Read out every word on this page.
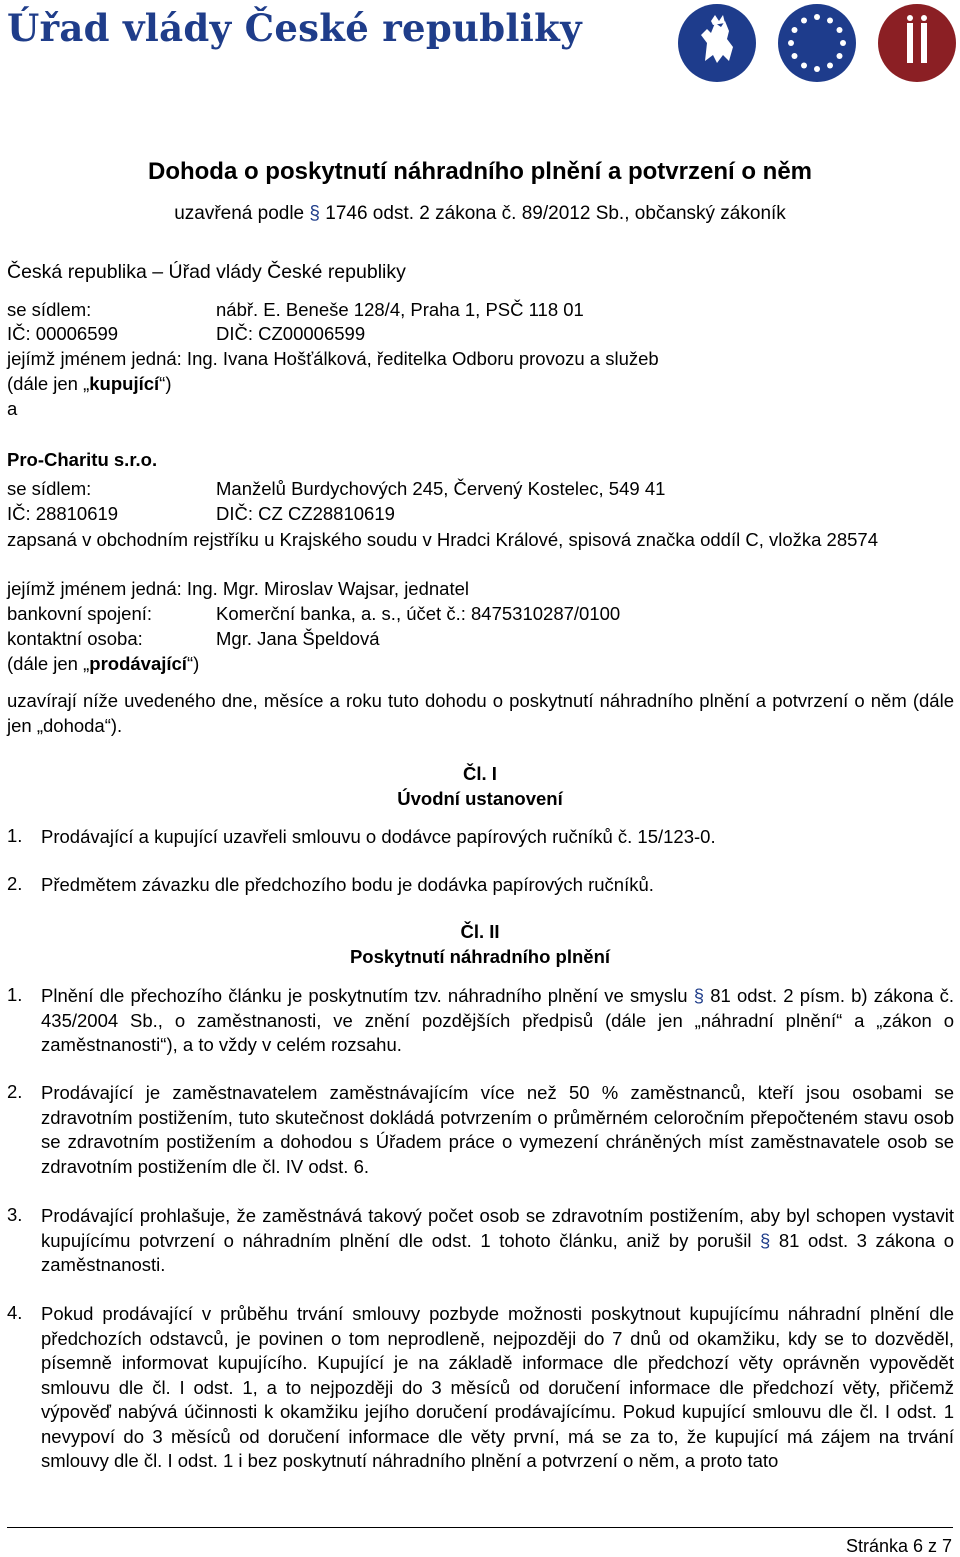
Úřad vlády České republiky
Dohoda o poskytnutí náhradního plnění a potvrzení o něm
uzavřená podle § 1746 odst. 2 zákona č. 89/2012 Sb., občanský zákoník
Česká republika – Úřad vlády České republiky
se sídlem:	nábř. E. Beneše 128/4, Praha 1, PSČ 118 01
IČ: 00006599	DIČ: CZ00006599
jejímž jménem jedná: Ing. Ivana Hošťálková, ředitelka Odboru provozu a služeb
(dále jen „kupující“)
a
Pro-Charitu s.r.o.
se sídlem:	Manželů Burdychových 245, Červený Kostelec, 549 41
IČ: 28810619	DIČ: CZ CZ28810619
zapsaná v obchodním rejstříku u Krajského soudu v Hradci Králové, spisová značka oddíl C, vložka 28574
jejímž jménem jedná: Ing. Mgr. Miroslav Wajsar, jednatel
bankovní spojení:	Komerční banka, a. s., účet č.: 8475310287/0100
kontaktní osoba:	Mgr. Jana Špeldová
(dále jen „prodávající“)
uzavírají níže uvedeného dne, měsíce a roku tuto dohodu o poskytnutí náhradního plnění a potvrzení o něm (dále jen „dohoda“).
Čl. I
Úvodní ustanovení
1. Prodávající a kupující uzavřeli smlouvu o dodávce papírových ručníků č. 15/123-0.
2. Předmětem závazku dle předchozího bodu je dodávka papírových ručníků.
Čl. II
Poskytnutí náhradního plnění
1. Plnění dle přechozího článku je poskytnutím tzv. náhradního plnění ve smyslu § 81 odst. 2 písm. b) zákona č. 435/2004 Sb., o zaměstnanosti, ve znění pozdějších předpisů (dále jen „náhradní plnění“ a „zákon o zaměstnanosti“), a to vždy v celém rozsahu.
2. Prodávající je zaměstnavatelem zaměstnávajícím více než 50 % zaměstnanců, kteří jsou osobami se zdravotním postižením, tuto skutečnost dokládá potvrzením o průměrném celoročním přepočteném stavu osob se zdravotním postižením a dohodou s Úřadem práce o vymezení chráněných míst zaměstnavatele osob se zdravotním postižením dle čl. IV odst. 6.
3. Prodávající prohlašuje, že zaměstnává takový počet osob se zdravotním postižením, aby byl schopen vystavit kupujícímu potvrzení o náhradním plnění dle odst. 1 tohoto článku, aniž by porušil § 81 odst. 3 zákona o zaměstnanosti.
4. Pokud prodávající v průběhu trvání smlouvy pozbyde možnosti poskytnout kupujícímu náhradní plnění dle předchozích odstavců, je povinen o tom neprodleně, nejpozději do 7 dnů od okamžiku, kdy se to dozvěděl, písemně informovat kupujícího. Kupující je na základě informace dle předchozí věty oprávněn vypovědět smlouvu dle čl. I odst. 1, a to nejpozději do 3 měsíců od doručení informace dle předchozí věty, přičemž výpověď nabývá účinnosti k okamžiku jejího doručení prodávajícímu. Pokud kupující smlouvu dle čl. I odst. 1 nevypoví do 3 měsíců od doručení informace dle věty první, má se za to, že kupující má zájem na trvání smlouvy dle čl. I odst. 1 i bez poskytnutí náhradního plnění a potvrzení o něm, a proto tato
Stránka 6 z 7
